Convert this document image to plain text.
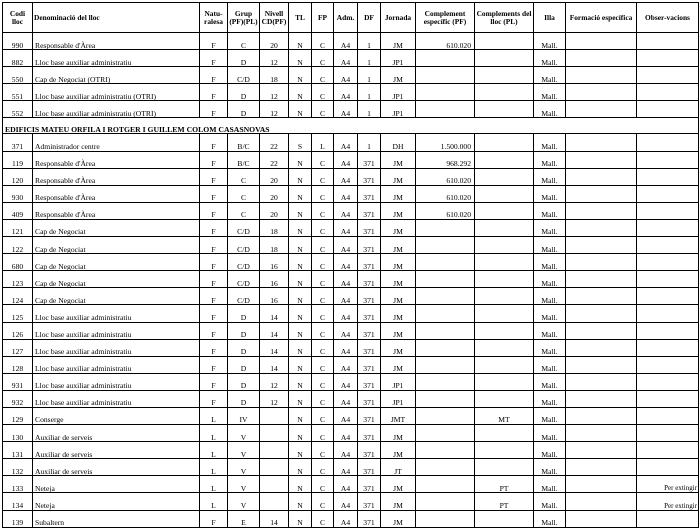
Codi lloc	Denominació del lloc	Natu-ralesa	Grup (PF)(PL)	Nivell CD(PF)	TL	FP	Adm.	DF	Jornada	Complement específic (PF)	Complements del lloc (PL)	Illa	Formació específica	Obser-vacions
990	Responsable d'Àrea	F	C	20	N	C	A4	1	JM	610.020		Mall.		
882	Lloc base auxiliar administratiu	F	D	12	N	C	A4	1	JP1			Mall.		
550	Cap de Negociat (OTRI)	F	C/D	18	N	C	A4	1	JM			Mall.		
551	Lloc base auxiliar administratiu (OTRI)	F	D	12	N	C	A4	1	JP1			Mall.		
552	Lloc base auxiliar administratiu (OTRI)	F	D	12	N	C	A4	1	JP1			Mall.		
EDIFICIS MATEU ORFILA I ROTGER I GUILLEM COLOM CASASNOVAS														
371	Administrador centre	F	B/C	22	S	L	A4	1	DH	1.500.000		Mall.		
119	Responsable d'Àrea	F	B/C	22	N	C	A4	371	JM	968.292		Mall.		
120	Responsable d'Àrea	F	C	20	N	C	A4	371	JM	610.020		Mall.		
930	Responsable d'Àrea	F	C	20	N	C	A4	371	JM	610.020		Mall.		
409	Responsable d'Àrea	F	C	20	N	C	A4	371	JM	610.020		Mall.		
121	Cap de Negociat	F	C/D	18	N	C	A4	371	JM			Mall.		
122	Cap de Negociat	F	C/D	18	N	C	A4	371	JM			Mall.		
680	Cap de Negociat	F	C/D	16	N	C	A4	371	JM			Mall.		
123	Cap de Negociat	F	C/D	16	N	C	A4	371	JM			Mall.		
124	Cap de Negociat	F	C/D	16	N	C	A4	371	JM			Mall.		
125	Lloc base auxiliar administratiu	F	D	14	N	C	A4	371	JM			Mall.		
126	Lloc base auxiliar administratiu	F	D	14	N	C	A4	371	JM			Mall.		
127	Lloc base auxiliar administratiu	F	D	14	N	C	A4	371	JM			Mall.		
128	Lloc base auxiliar administratiu	F	D	14	N	C	A4	371	JM			Mall.		
931	Lloc base auxiliar administratiu	F	D	12	N	C	A4	371	JP1			Mall.		
932	Lloc base auxiliar administratiu	F	D	12	N	C	A4	371	JP1			Mall.		
129	Conserge	L	IV		N	C	A4	371	JMT		MT	Mall.		
130	Auxiliar de serveis	L	V		N	C	A4	371	JM			Mall.		
131	Auxiliar de serveis	L	V		N	C	A4	371	JM			Mall.		
132	Auxiliar de serveis	L	V		N	C	A4	371	JT			Mall.		
133	Neteja	L	V		N	C	A4	371	JM		PT	Mall.		Per extingir
134	Neteja	L	V		N	C	A4	371	JM		PT	Mall.		Per extingir
139	Subaltern	F	E	14	N	C	A4	371	JM			Mall.		
